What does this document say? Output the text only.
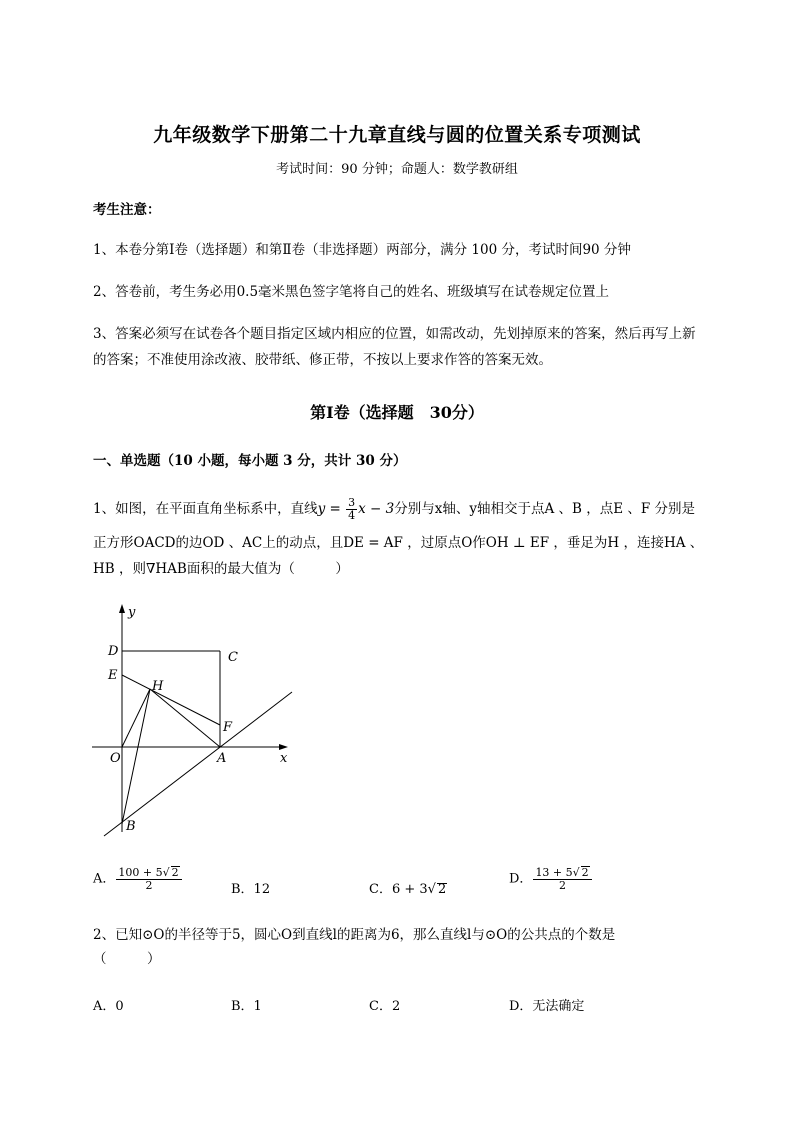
九年级数学下册第二十九章直线与圆的位置关系专项测试
考试时间：90 分钟；命题人：数学教研组
考生注意：
1、本卷分第Ⅰ卷（选择题）和第Ⅱ卷（非选择题）两部分，满分 100 分，考试时间90 分钟
2、答卷前，考生务必用0.5毫米黑色签字笔将自己的姓名、班级填写在试卷规定位置上
3、答案必须写在试卷各个题目指定区域内相应的位置，如需改动，先划掉原来的答案，然后再写上新
的答案；不准使用涂改液、胶带纸、修正带，不按以上要求作答的答案无效。
第Ⅰ卷（选择题　30分）
一、单选题（10 小题，每小题 3 分，共计 30 分）
1、如图，在平面直角坐标系中，直线$y = \frac{3}{4}$ x − 3分别与x轴、y轴相交于点A 、B ，点E 、F 分别是
正方形OACD的边OD 、AC上的动点，且DE = AF ，过原点O作OH ⊥ EF ，垂足为H ，连接HA 、
HB ，则∇HAB面积的最大值为（　　　）
y
x
D	C
E
H
F
O	A
B
A． $\frac{100 + 5√ 2}{2}$	B．12	C．6 + 3√ 2
D． $\frac{13 + 5√ 2}{2}$
2、已知⊙O的半径等于5，圆心O到直线l的距离为6，那么直线l与⊙O的公共点的个数是
（　　　）
A．0	B．1	C．2	D．无法确定
